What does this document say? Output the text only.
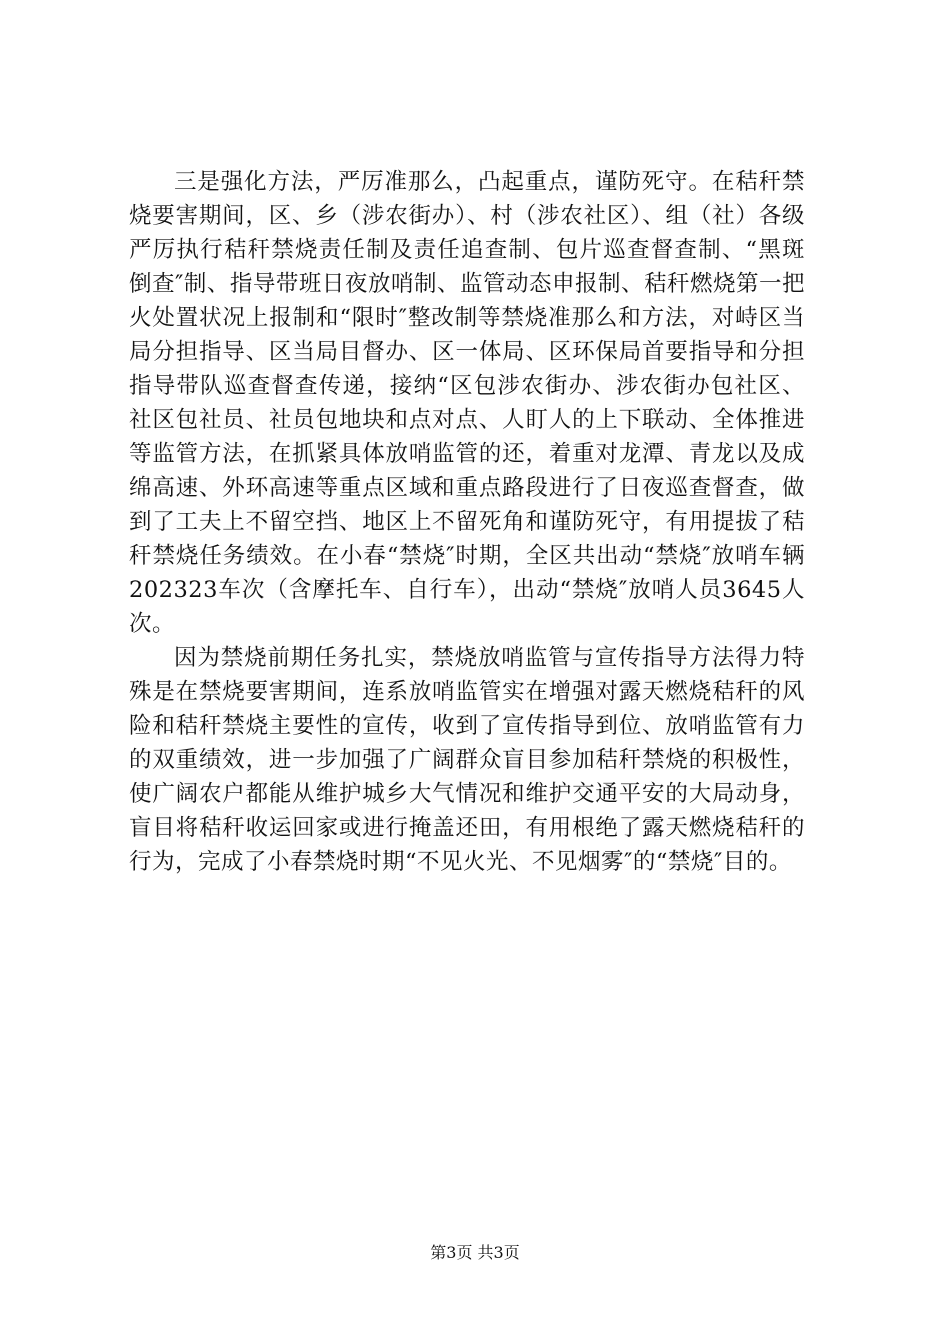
三是强化方法，严厉准那么，凸起重点，谨防死守。在秸秆禁烧要害期间，区、乡（涉农街办）、村（涉农社区）、组（社）各级严厉执行秸秆禁烧责任制及责任追查制、包片巡查督查制、“黑斑倒查″制、指导带班日夜放哨制、监管动态申报制、秸秆燃烧第一把火处置状况上报制和“限时″整改制等禁烧准那么和方法，对峙区当局分担指导、区当局目督办、区一体局、区环保局首要指导和分担指导带队巡查督查传递，接纳“区包涉农街办、涉农街办包社区、社区包社员、社员包地块和点对点、人盯人的上下联动、全体推进等监管方法，在抓紧具体放哨监管的还，着重对龙潭、青龙以及成绵高速、外环高速等重点区域和重点路段进行了日夜巡查督查，做到了工夫上不留空挡、地区上不留死角和谨防死守，有用提拔了秸秆禁烧任务绩效。在小春“禁烧″时期，全区共出动“禁烧″放哨车辆202323车次（含摩托车、自行车），出动“禁烧″放哨人员3645人次。

因为禁烧前期任务扎实，禁烧放哨监管与宣传指导方法得力特殊是在禁烧要害期间，连系放哨监管实在增强对露天燃烧秸秆的风险和秸秆禁烧主要性的宣传，收到了宣传指导到位、放哨监管有力的双重绩效，进一步加强了广阔群众盲目参加秸秆禁烧的积极性，使广阔农户都能从维护城乡大气情况和维护交通平安的大局动身，盲目将秸秆收运回家或进行掩盖还田，有用根绝了露天燃烧秸秆的行为，完成了小春禁烧时期“不见火光、不见烟雾″的“禁烧″目的。

第3页 共3页
